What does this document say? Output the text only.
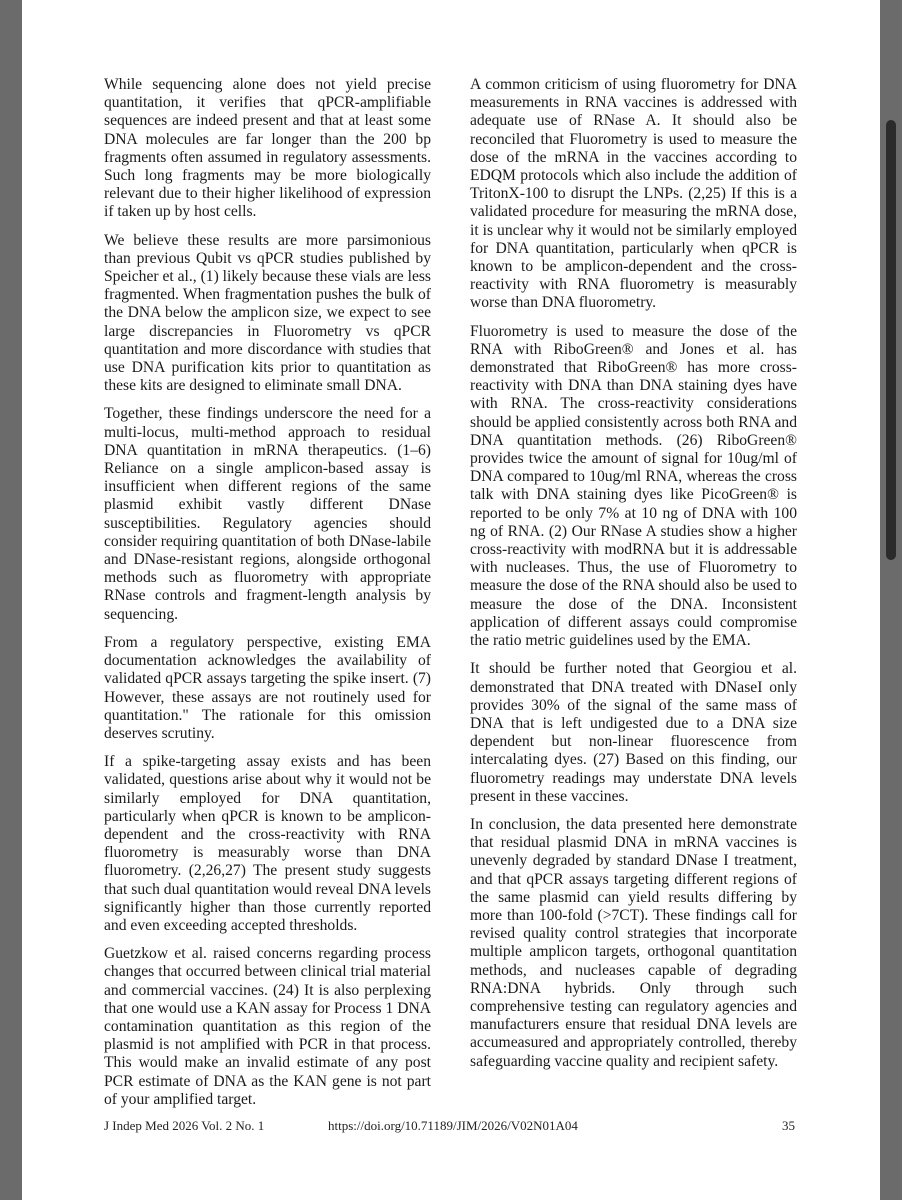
While sequencing alone does not yield precise quantitation, it verifies that qPCR-amplifiable sequences are indeed present and that at least some DNA molecules are far longer than the 200 bp fragments often assumed in regulatory assessments. Such long fragments may be more biologically relevant due to their higher likelihood of expression if taken up by host cells.

We believe these results are more parsimonious than previous Qubit vs qPCR studies published by Speicher et al., (1) likely because these vials are less fragmented. When fragmentation pushes the bulk of the DNA below the amplicon size, we expect to see large discrepancies in Fluorometry vs qPCR quantitation and more discordance with studies that use DNA purification kits prior to quantitation as these kits are designed to eliminate small DNA.

Together, these findings underscore the need for a multi-locus, multi-method approach to residual DNA quantitation in mRNA therapeutics. (1–6) Reliance on a single amplicon-based assay is insufficient when different regions of the same plasmid exhibit vastly different DNase susceptibilities. Regulatory agencies should consider requiring quantitation of both DNase-labile and DNase-resistant regions, alongside orthogonal methods such as fluorometry with appropriate RNase controls and fragment-length analysis by sequencing.

From a regulatory perspective, existing EMA documentation acknowledges the availability of validated qPCR assays targeting the spike insert. (7) However, these assays are not routinely used for quantitation." The rationale for this omission deserves scrutiny.

If a spike-targeting assay exists and has been validated, questions arise about why it would not be similarly employed for DNA quantitation, particularly when qPCR is known to be amplicon-dependent and the cross-reactivity with RNA fluorometry is measurably worse than DNA fluorometry. (2,26,27) The present study suggests that such dual quantitation would reveal DNA levels significantly higher than those currently reported and even exceeding accepted thresholds.

Guetzkow et al. raised concerns regarding process changes that occurred between clinical trial material and commercial vaccines. (24) It is also perplexing that one would use a KAN assay for Process 1 DNA contamination quantitation as this region of the plasmid is not amplified with PCR in that process. This would make an invalid estimate of any post PCR estimate of DNA as the KAN gene is not part of your amplified target.

A common criticism of using fluorometry for DNA measurements in RNA vaccines is addressed with adequate use of RNase A. It should also be reconciled that Fluorometry is used to measure the dose of the mRNA in the vaccines according to EDQM protocols which also include the addition of TritonX-100 to disrupt the LNPs. (2,25) If this is a validated procedure for measuring the mRNA dose, it is unclear why it would not be similarly employed for DNA quantitation, particularly when qPCR is known to be amplicon-dependent and the cross-reactivity with RNA fluorometry is measurably worse than DNA fluorometry.

Fluorometry is used to measure the dose of the RNA with RiboGreen® and Jones et al. has demonstrated that RiboGreen® has more cross-reactivity with DNA than DNA staining dyes have with RNA. The cross-reactivity considerations should be applied consistently across both RNA and DNA quantitation methods. (26) RiboGreen® provides twice the amount of signal for 10ug/ml of DNA compared to 10ug/ml RNA, whereas the cross talk with DNA staining dyes like PicoGreen® is reported to be only 7% at 10 ng of DNA with 100 ng of RNA. (2) Our RNase A studies show a higher cross-reactivity with modRNA but it is addressable with nucleases. Thus, the use of Fluorometry to measure the dose of the RNA should also be used to measure the dose of the DNA. Inconsistent application of different assays could compromise the ratio metric guidelines used by the EMA.

It should be further noted that Georgiou et al. demonstrated that DNA treated with DNaseI only provides 30% of the signal of the same mass of DNA that is left undigested due to a DNA size dependent but non-linear fluorescence from intercalating dyes. (27) Based on this finding, our fluorometry readings may understate DNA levels present in these vaccines.

In conclusion, the data presented here demonstrate that residual plasmid DNA in mRNA vaccines is unevenly degraded by standard DNase I treatment, and that qPCR assays targeting different regions of the same plasmid can yield results differing by more than 100-fold (>7CT). These findings call for revised quality control strategies that incorporate multiple amplicon targets, orthogonal quantitation methods, and nucleases capable of degrading RNA:DNA hybrids. Only through such comprehensive testing can regulatory agencies and manufacturers ensure that residual DNA levels are accumeasured and appropriately controlled, thereby safeguarding vaccine quality and recipient safety.

J Indep Med 2026 Vol. 2 No. 1	https://doi.org/10.71189/JIM/2026/V02N01A04	35
